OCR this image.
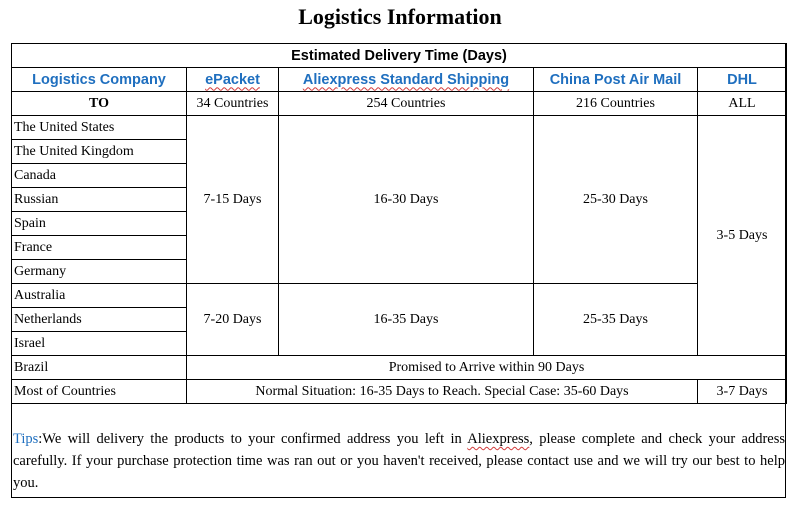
Logistics Information
Estimated Delivery Time (Days)				
Logistics Company	ePacket	Aliexpress Standard Shipping	China Post Air Mail	DHL
TO	34 Countries	254 Countries	216 Countries	ALL
The United States	7-15 Days	16-30 Days	25-30 Days	3-5 Days
The United Kingdom				
Canada				
Russian				
Spain				
France				
Germany				
Australia	7-20 Days	16-35 Days	25-35 Days	
Netherlands				
Israel				
Brazil	Promised to Arrive within 90 Days			
Most of Countries	Normal Situation: 16-35 Days to Reach. Special Case: 35-60 Days			3-7 Days
Tips:We will delivery the products to your confirmed address you left in Aliexpress, please complete and check your address carefully. If your purchase protection time was ran out or you haven't received, please contact use and we will try our best to help you.
